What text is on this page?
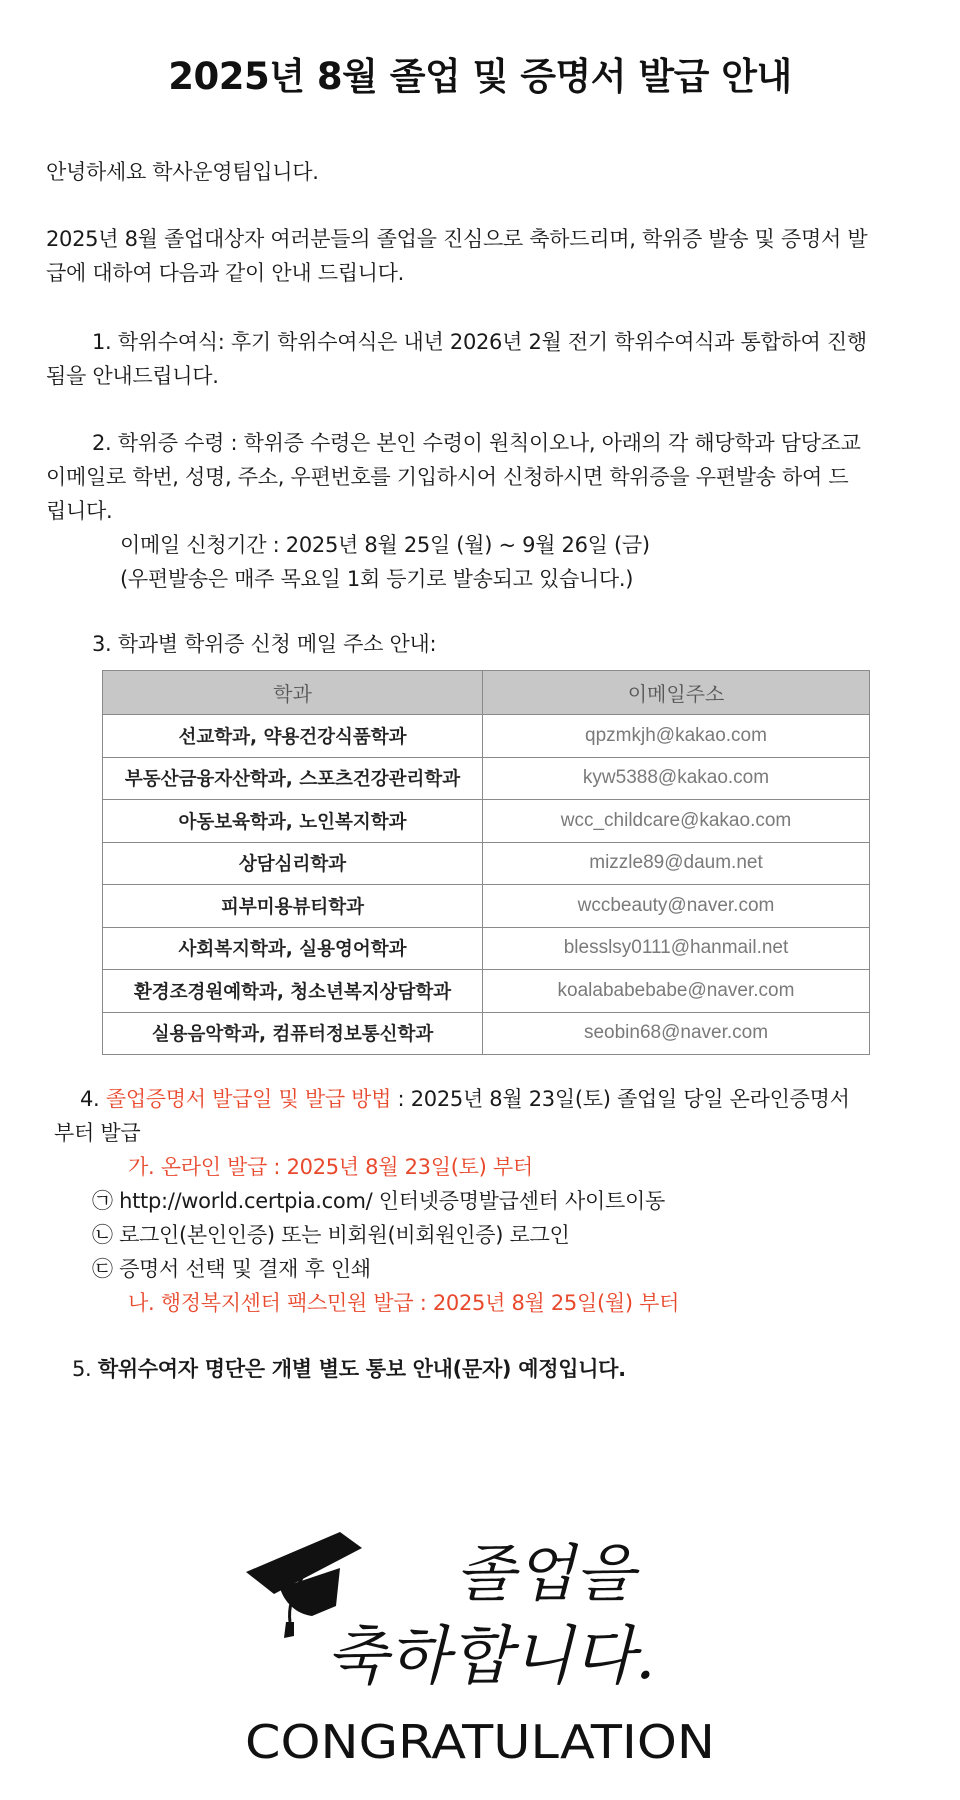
2025년 8월 졸업 및 증명서 발급 안내
안녕하세요 학사운영팀입니다.
2025년 8월 졸업대상자 여러분들의 졸업을 진심으로 축하드리며, 학위증 발송 및 증명서 발
급에 대하여 다음과 같이 안내 드립니다.
1. 학위수여식: 후기 학위수여식은 내년 2026년 2월 전기 학위수여식과 통합하여 진행
됨을 안내드립니다.
2. 학위증 수령 : 학위증 수령은 본인 수령이 원칙이오나, 아래의 각 해당학과 담당조교
이메일로 학번, 성명, 주소, 우편번호를 기입하시어 신청하시면 학위증을 우편발송 하여 드
립니다.
이메일 신청기간 : 2025년 8월 25일 (월) ~ 9월 26일 (금)
(우편발송은 매주 목요일 1회 등기로 발송되고 있습니다.)
3. 학과별 학위증 신청 메일 주소 안내:
학과	이메일주소
선교학과, 약용건강식품학과	qpzmkjh@kakao.com
부동산금융자산학과, 스포츠건강관리학과	kyw5388@kakao.com
아동보육학과, 노인복지학과	wcc_childcare@kakao.com
상담심리학과	mizzle89@daum.net
피부미용뷰티학과	wccbeauty@naver.com
사회복지학과, 실용영어학과	blesslsy0111@hanmail.net
환경조경원예학과, 청소년복지상담학과	koalababebabe@naver.com
실용음악학과, 컴퓨터정보통신학과	seobin68@naver.com
4. 졸업증명서 발급일 및 발급 방법 : 2025년 8월 23일(토) 졸업일 당일 온라인증명서
부터 발급
가. 온라인 발급 : 2025년 8월 23일(토) 부터
㉠ http://world.certpia.com/ 인터넷증명발급센터 사이트이동
㉡ 로그인(본인인증) 또는 비회원(비회원인증) 로그인
㉢ 증명서 선택 및 결재 후 인쇄
나. 행정복지센터 팩스민원 발급 : 2025년 8월 25일(월) 부터
5. 학위수여자 명단은 개별 별도 통보 안내(문자) 예정입니다.
졸업을
축하합니다.
CONGRATULATION
